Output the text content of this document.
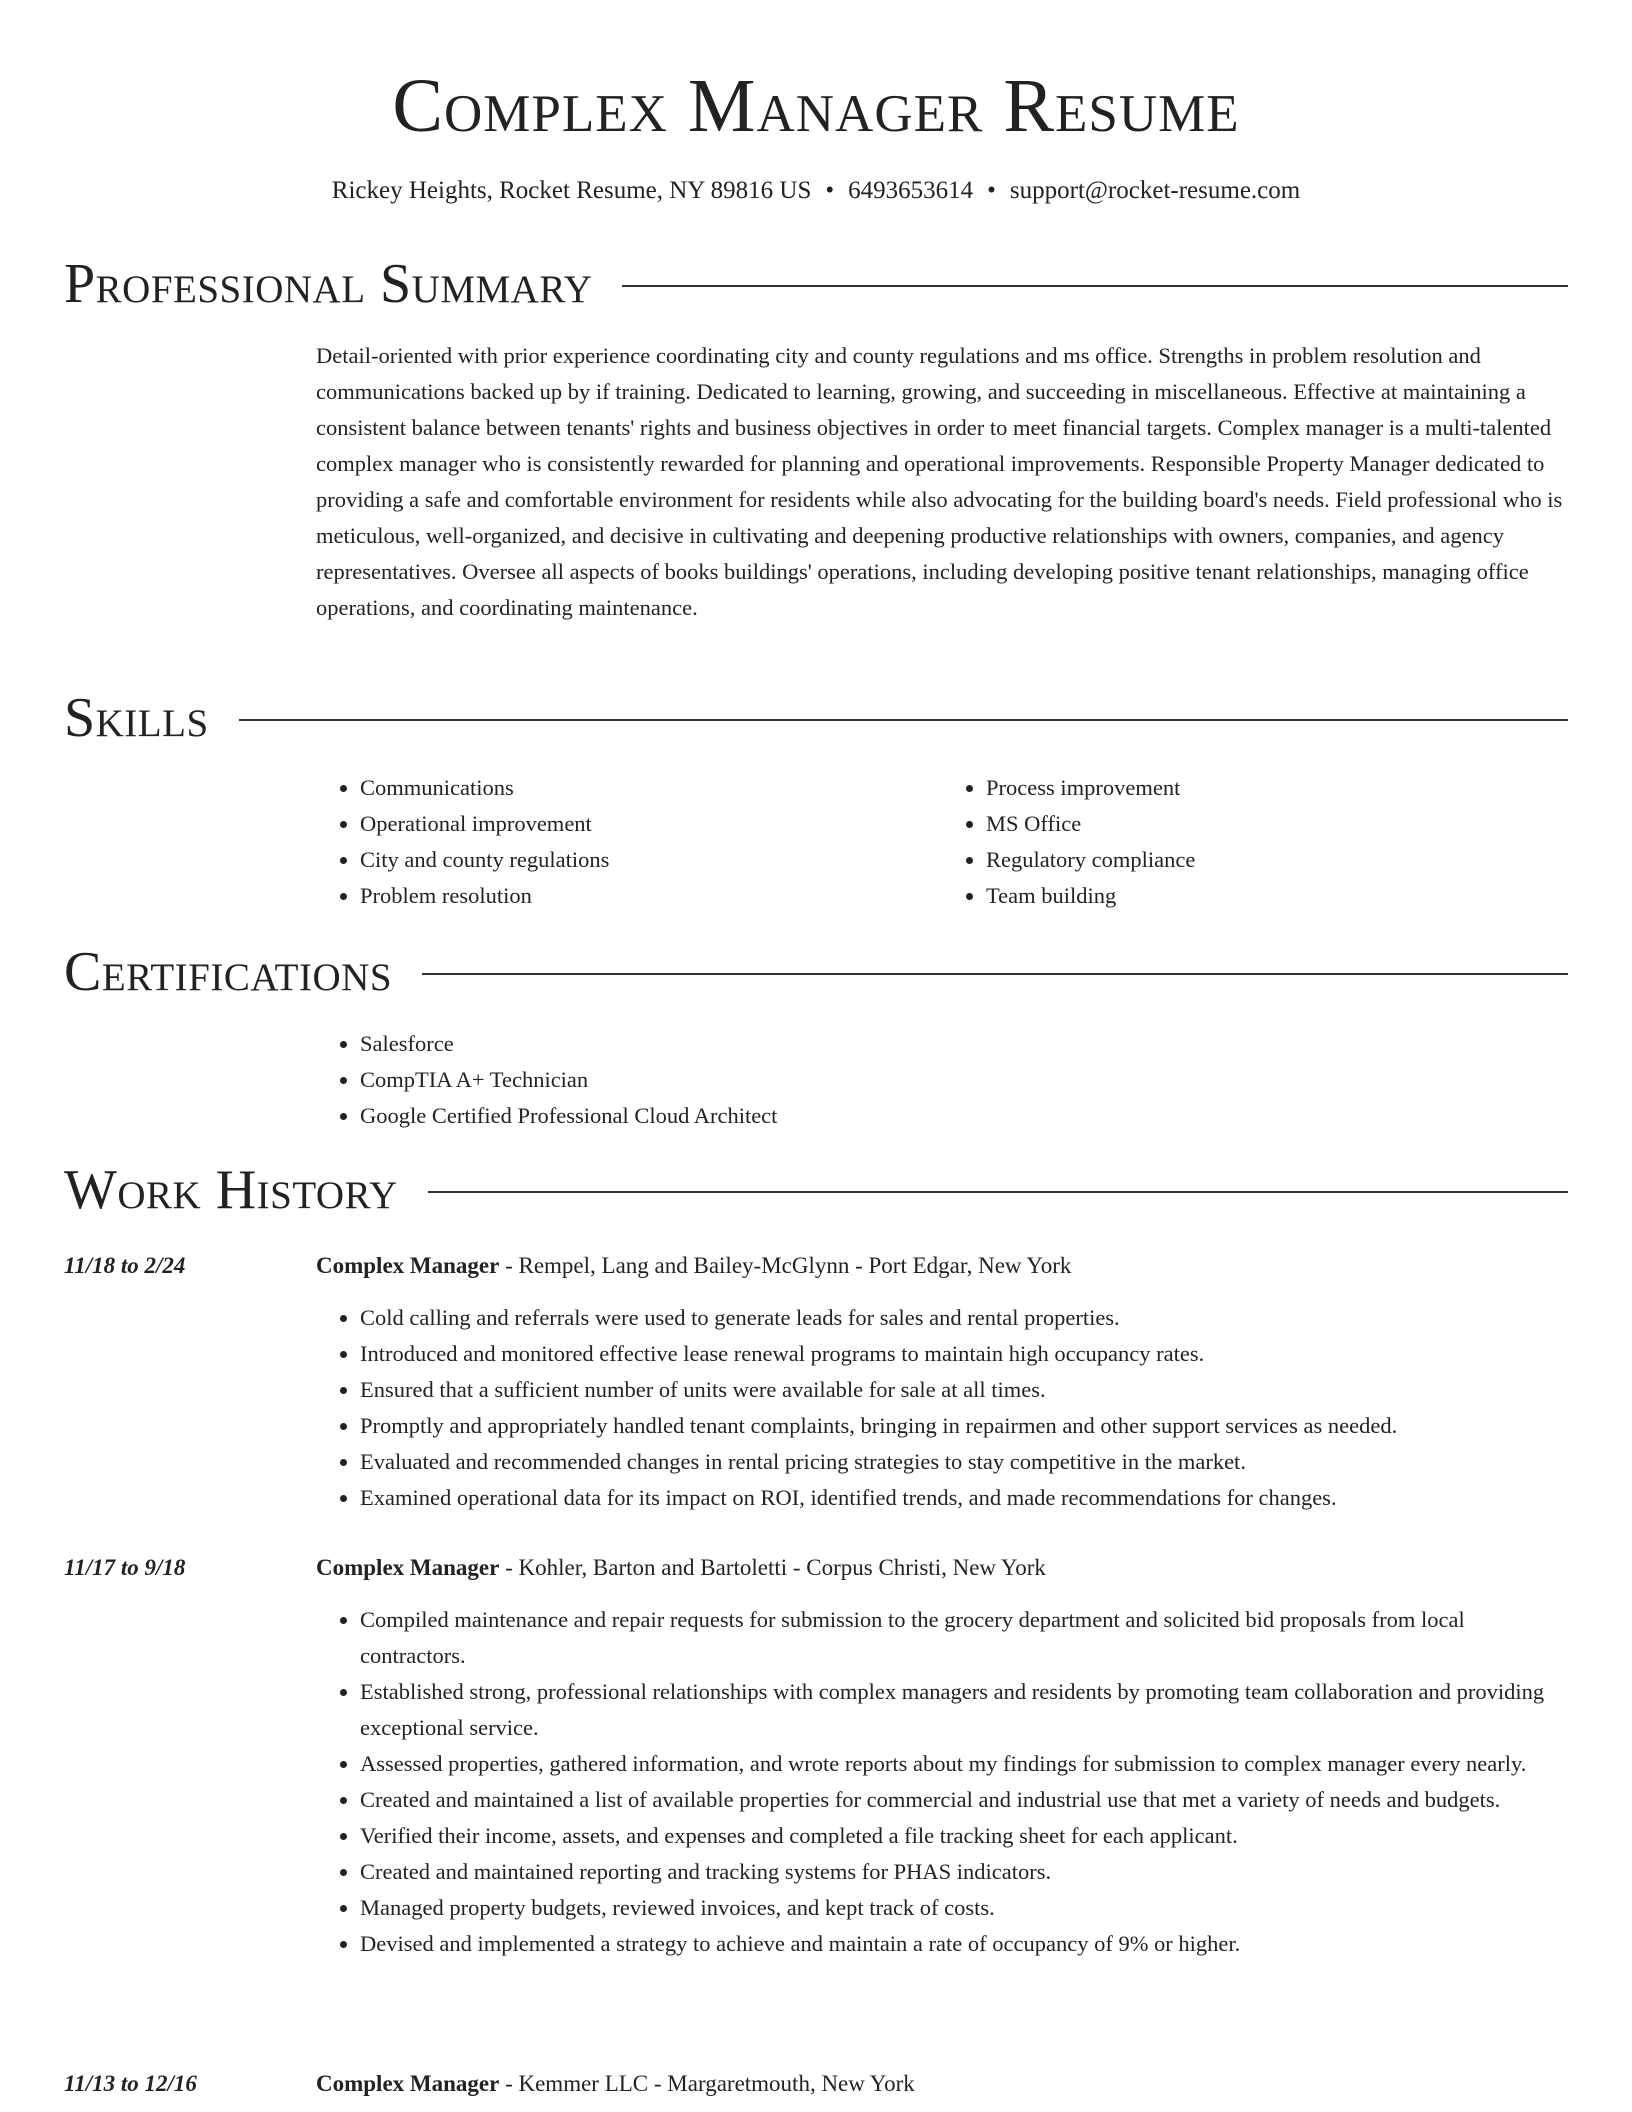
Complex Manager Resume
Rickey Heights, Rocket Resume, NY 89816 US • 6493653614 • support@rocket-resume.com
Professional Summary

Detail-oriented with prior experience coordinating city and county regulations and ms office. Strengths in problem resolution and communications backed up by if training. Dedicated to learning, growing, and succeeding in miscellaneous. Effective at maintaining a consistent balance between tenants' rights and business objectives in order to meet financial targets. Complex manager is a multi-talented complex manager who is consistently rewarded for planning and operational improvements. Responsible Property Manager dedicated to providing a safe and comfortable environment for residents while also advocating for the building board's needs. Field professional who is meticulous, well-organized, and decisive in cultivating and deepening productive relationships with owners, companies, and agency representatives. Oversee all aspects of books buildings' operations, including developing positive tenant relationships, managing office operations, and coordinating maintenance.

Skills
• Communications
• Operational improvement
• City and county regulations
• Problem resolution
• Process improvement
• MS Office
• Regulatory compliance
• Team building
Certifications
• Salesforce
• CompTIA A+ Technician
• Google Certified Professional Cloud Architect
Work History
11/18 to 2/24	Complex Manager - Rempel, Lang and Bailey-McGlynn - Port Edgar, New York

• Cold calling and referrals were used to generate leads for sales and rental properties.
• Introduced and monitored effective lease renewal programs to maintain high occupancy rates.
• Ensured that a sufficient number of units were available for sale at all times.
• Promptly and appropriately handled tenant complaints, bringing in repairmen and other support services as needed.
• Evaluated and recommended changes in rental pricing strategies to stay competitive in the market.
• Examined operational data for its impact on ROI, identified trends, and made recommendations for changes.
11/17 to 9/18	Complex Manager - Kohler, Barton and Bartoletti - Corpus Christi, New York

• Compiled maintenance and repair requests for submission to the grocery department and solicited bid proposals from local contractors.
• Established strong, professional relationships with complex managers and residents by promoting team collaboration and providing exceptional service.
• Assessed properties, gathered information, and wrote reports about my findings for submission to complex manager every nearly.
• Created and maintained a list of available properties for commercial and industrial use that met a variety of needs and budgets.
• Verified their income, assets, and expenses and completed a file tracking sheet for each applicant.
• Created and maintained reporting and tracking systems for PHAS indicators.
• Managed property budgets, reviewed invoices, and kept track of costs.
• Devised and implemented a strategy to achieve and maintain a rate of occupancy of 9% or higher.
11/13 to 12/16	Complex Manager - Kemmer LLC - Margaretmouth, New York
